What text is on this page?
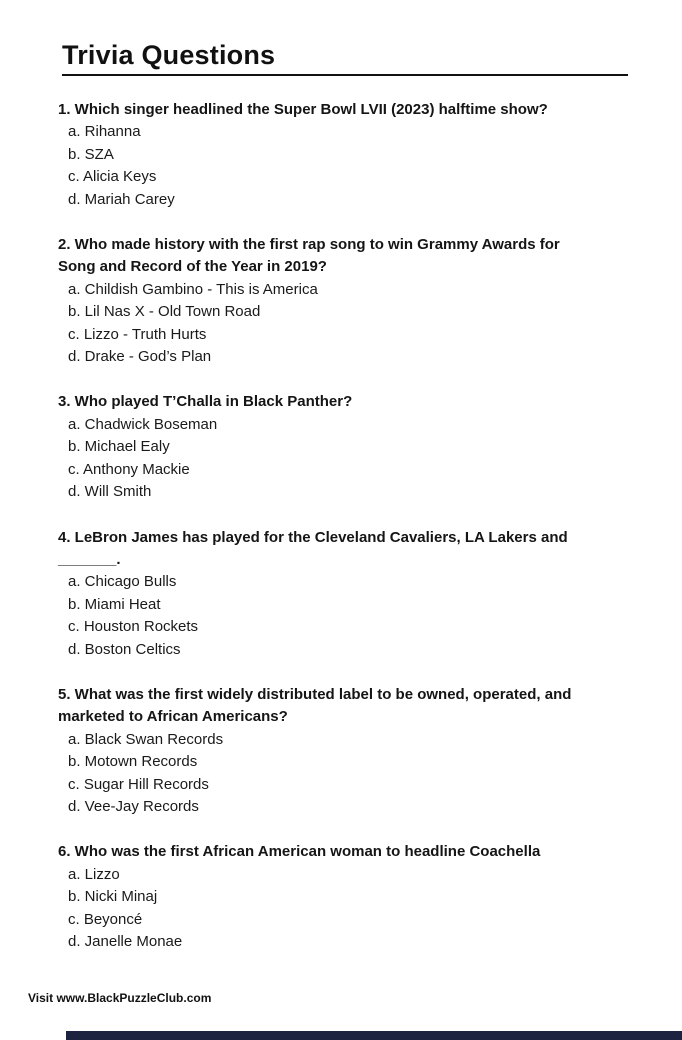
Trivia Questions
1. Which singer headlined the Super Bowl LVII (2023) halftime show?
a. Rihanna
b. SZA
c. Alicia Keys
d. Mariah Carey
2. Who made history with the first rap song to win Grammy Awards for
Song and Record of the Year in 2019?
a. Childish Gambino - This is America
b. Lil Nas X - Old Town Road
c. Lizzo - Truth Hurts
d. Drake - God’s Plan
3. Who played T’Challa in Black Panther?
a. Chadwick Boseman
b. Michael Ealy
c. Anthony Mackie
d. Will Smith
4. LeBron James has played for the Cleveland Cavaliers, LA Lakers and
_______.
a. Chicago Bulls
b. Miami Heat
c. Houston Rockets
d. Boston Celtics
5. What was the first widely distributed label to be owned, operated, and
marketed to African Americans?
a. Black Swan Records
b. Motown Records
c. Sugar Hill Records
d. Vee-Jay Records
6. Who was the first African American woman to headline Coachella
a. Lizzo
b. Nicki Minaj
c. Beyoncé
d. Janelle Monae
Visit www.BlackPuzzleClub.com
